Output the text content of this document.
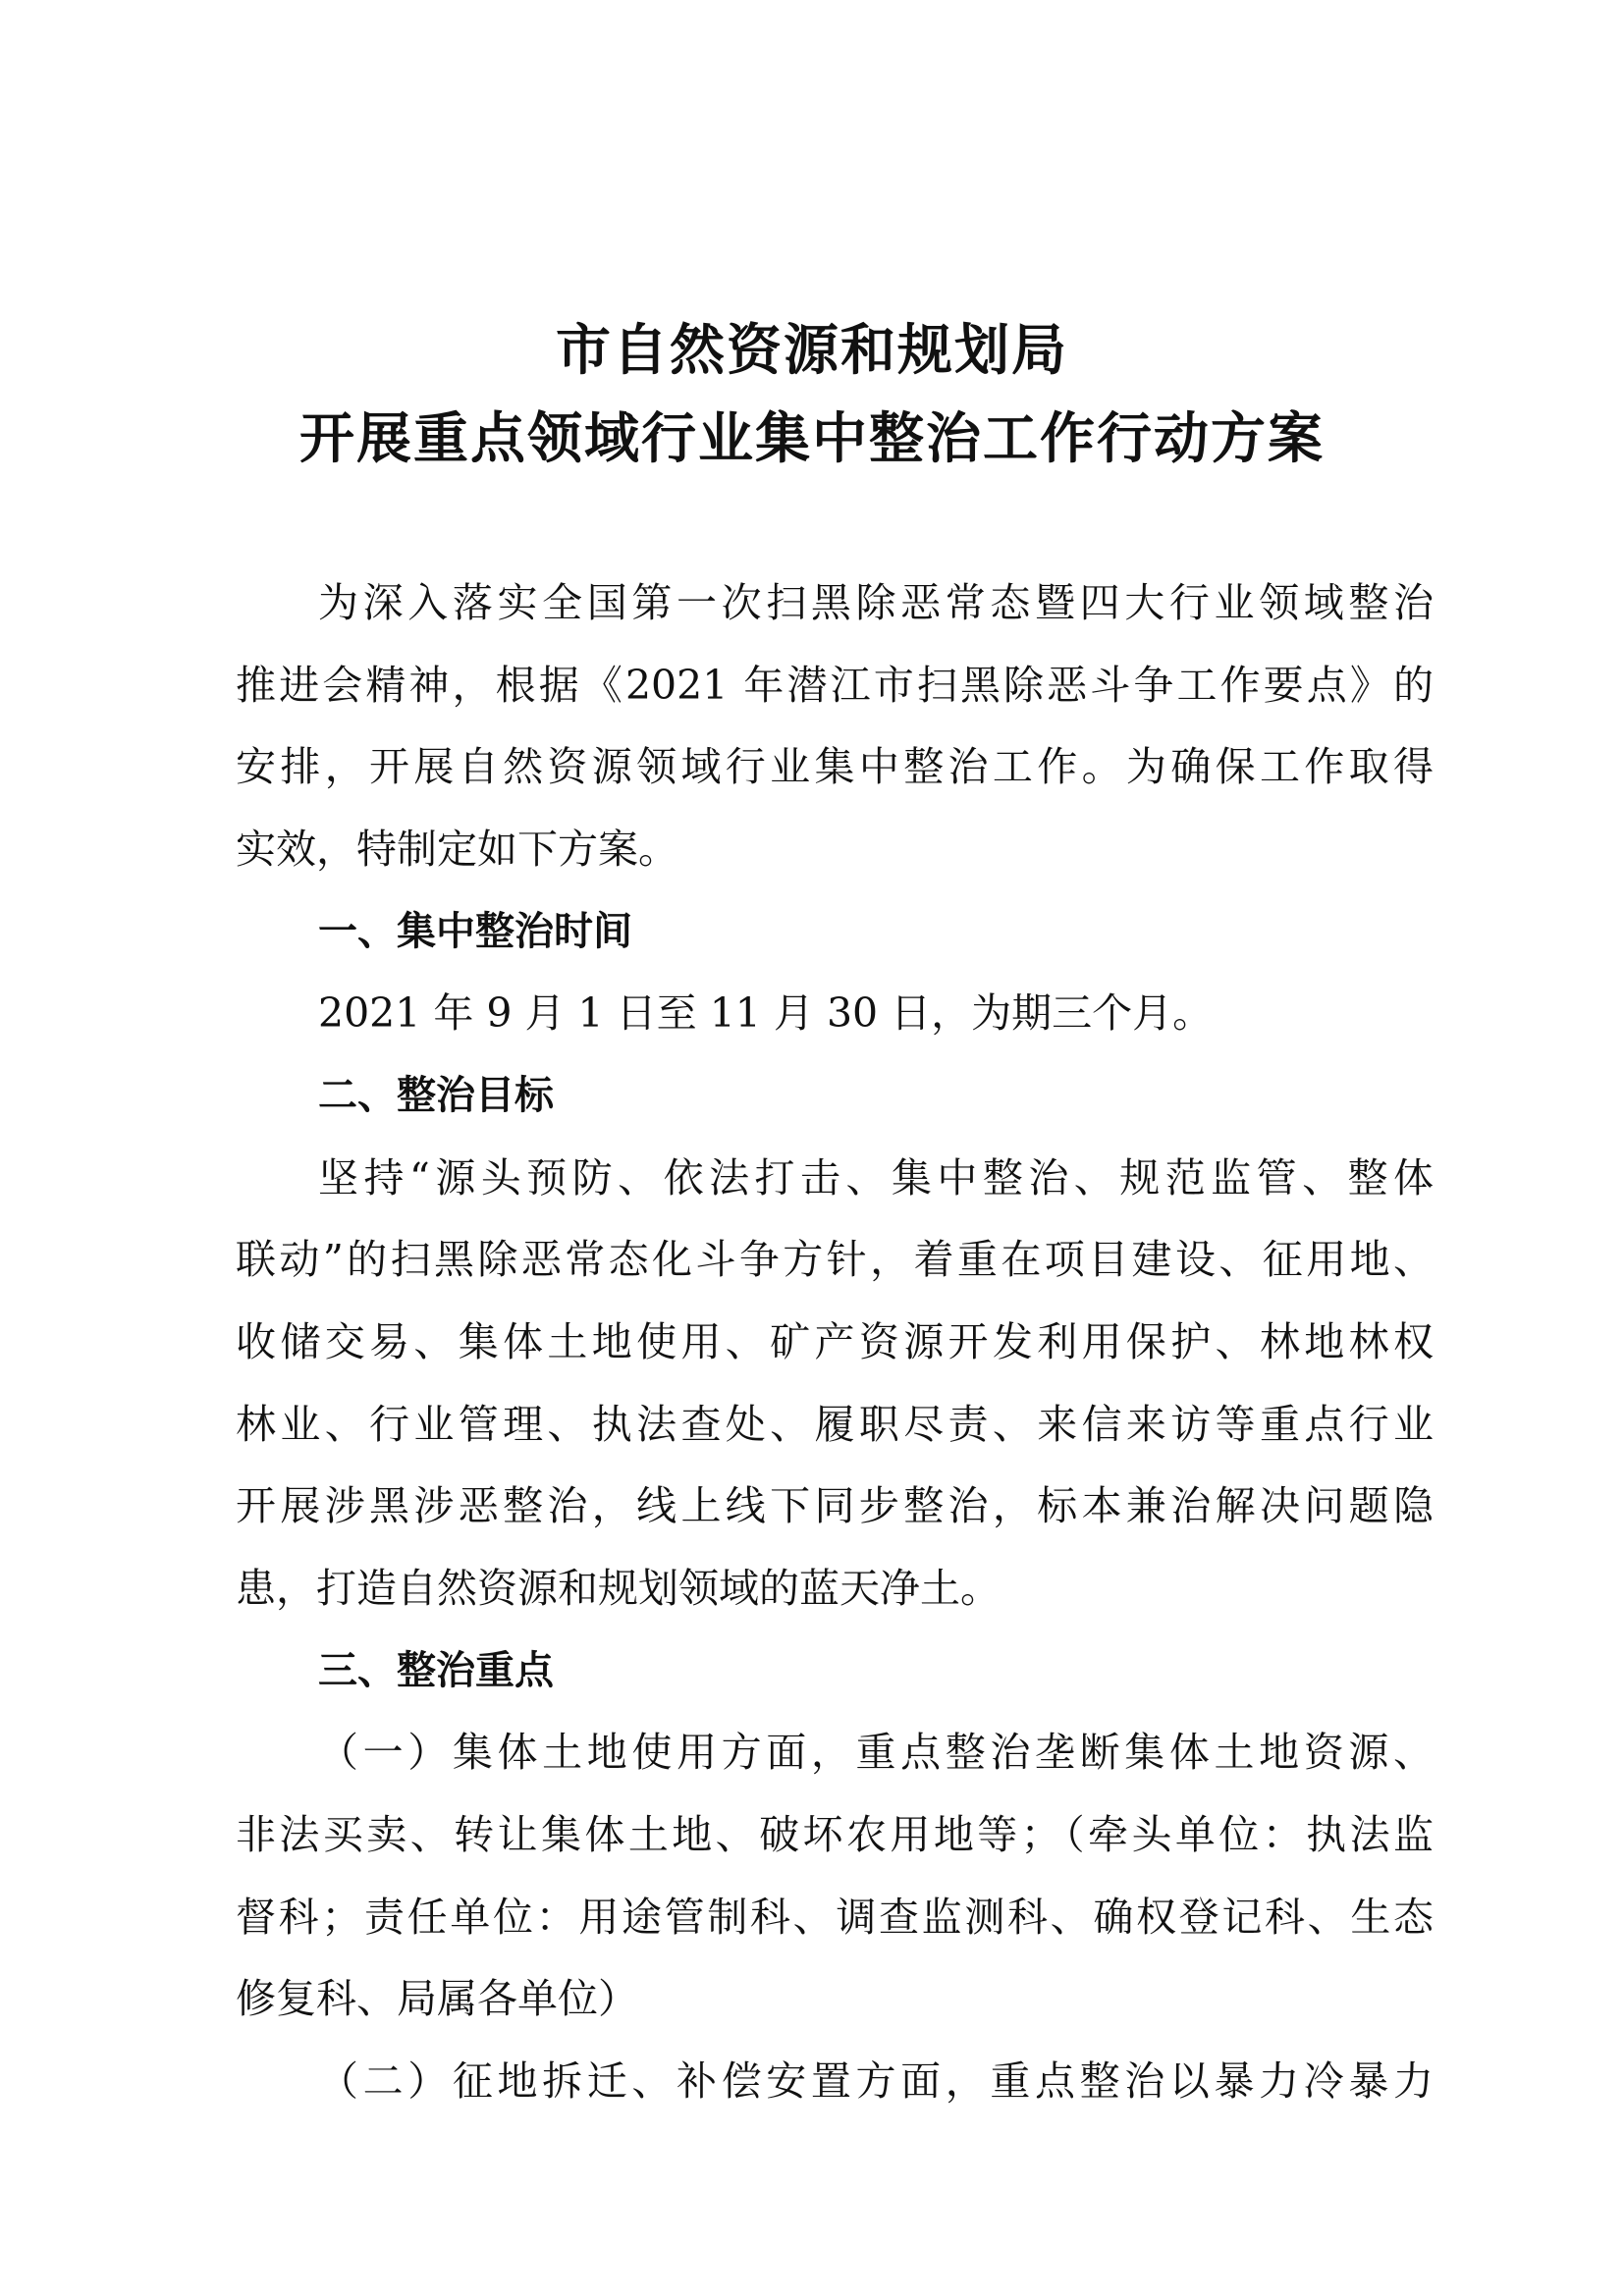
市自然资源和规划局
开展重点领域行业集中整治工作行动方案

为深入落实全国第一次扫黑除恶常态暨四大行业领域整治

推进会精神，根据《2021 年潜江市扫黑除恶斗争工作要点》的

安排，开展自然资源领域行业集中整治工作。为确保工作取得

实效，特制定如下方案。

一、集中整治时间

2021 年 9 月 1 日至 11 月 30 日，为期三个月。

二、整治目标

坚持“源头预防、依法打击、集中整治、规范监管、整体

联动”的扫黑除恶常态化斗争方针，着重在项目建设、征用地、

收储交易、集体土地使用、矿产资源开发利用保护、林地林权

林业、行业管理、执法查处、履职尽责、来信来访等重点行业

开展涉黑涉恶整治，线上线下同步整治，标本兼治解决问题隐

患，打造自然资源和规划领域的蓝天净土。

三、整治重点

（一）集体土地使用方面，重点整治垄断集体土地资源、

非法买卖、转让集体土地、破坏农用地等；（牵头单位：执法监

督科；责任单位：用途管制科、调查监测科、确权登记科、生态

修复科、局属各单位）

（二）征地拆迁、补偿安置方面，重点整治以暴力冷暴力
